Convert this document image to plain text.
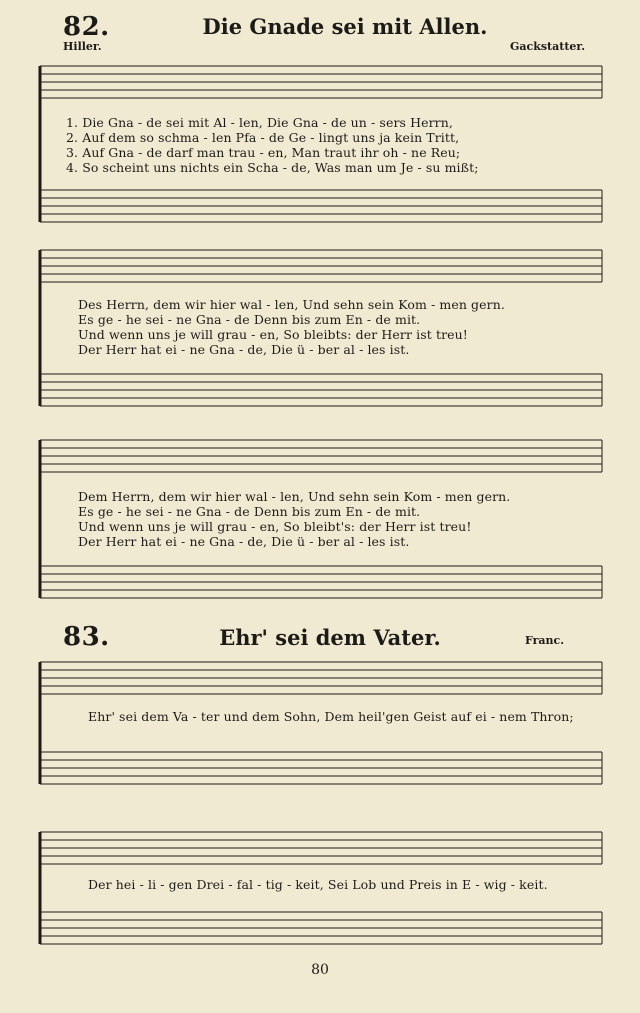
82.	Die Gnade sei mit Allen.
Hiller.	Gackstatter.
1. Die Gna - de sei mit Al - len, Die Gna - de un - sers Herrn,
2. Auf dem so schma - len Pfa - de Ge - lingt uns ja kein Tritt,
3. Auf Gna - de darf man trau - en, Man traut ihr oh - ne Reu;
4. So scheint uns nichts ein Scha - de, Was man um Je - su mißt;
Des Herrn, dem wir hier wal - len, Und sehn sein Kom - men gern.
Es ge - he sei - ne Gna - de Denn bis zum En - de mit.
Und wenn uns je will grau - en, So bleibts: der Herr ist treu!
Der Herr hat ei - ne Gna - de, Die ü - ber al - les ist.
Dem Herrn, dem wir hier wal - len, Und sehn sein Kom - men gern.
Es ge - he sei - ne Gna - de Denn bis zum En - de mit.
Und wenn uns je will grau - en, So bleibt's: der Herr ist treu!
Der Herr hat ei - ne Gna - de, Die ü - ber al - les ist.
83.	Ehr' sei dem Vater.	Franc.
Ehr' sei dem Va - ter und dem Sohn, Dem heil'gen Geist auf ei - nem Thron;
Der hei - li - gen Drei - fal - tig - keit, Sei Lob und Preis in E - wig - keit.
80
